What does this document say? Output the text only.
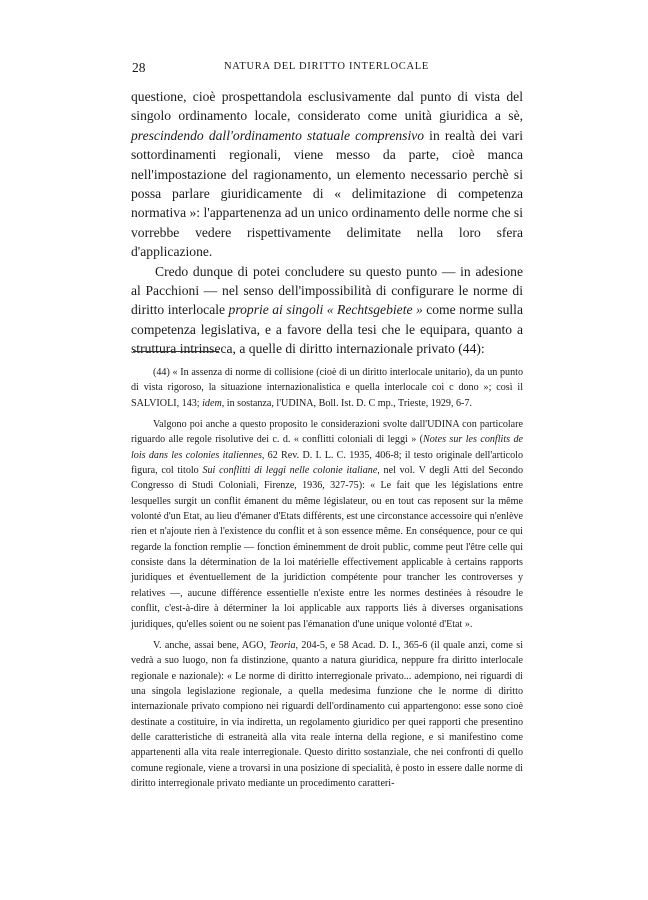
28	NATURA DEL DIRITTO INTERLOCALE

questione, cioè prospettandola esclusivamente dal punto di vista del singolo ordinamento locale, considerato come unità giuridica a sè, prescindendo dall'ordinamento statuale comprensivo in realtà dei vari sottordinamenti regionali, viene messo da parte, cioè manca nell'impostazione del ragionamento, un elemento necessario perchè si possa parlare giuridicamente di « delimitazione di competenza normativa »: l'appartenenza ad un unico ordinamento delle norme che si vorrebbe vedere rispettivamente delimitate nella loro sfera d'applicazione.

Credo dunque di potei concludere su questo punto — in adesione al Pacchioni — nel senso dell'impossibilità di configurare le norme di diritto interlocale proprie ai singoli « Rechtsgebiete » come norme sulla competenza legislativa, e a favore della tesi che le equipara, quanto a struttura intrinseca, a quelle di diritto internazionale privato (44):

(44) « In assenza di norme di collisione (cioè di un diritto interlocale unitario), da un punto di vista rigoroso, la situazione internazionalistica e quella interlocale coi c dono »; così il SALVIOLI, 143; idem, in sostanza, l'UDINA, Boll. Ist. D. C mp., Trieste, 1929, 6-7.

Valgono poi anche a questo proposito le considerazioni svolte dall'UDINA con particolare riguardo alle regole risolutive dei c. d. « conflitti coloniali di leggi » (Notes sur les conflits de lois dans les colonies italiennes, 62 Rev. D. I. L. C. 1935, 406-8; il testo originale dell'articolo figura, col titolo Sui conflitti di leggi nelle colonie italiane, nel vol. V degli Atti del Secondo Congresso di Studi Coloniali, Firenze, 1936, 327-75): « Le fait que les législations entre lesquelles surgit un conflit émanent du même législateur, ou en tout cas reposent sur la même volonté d'un Etat, au lieu d'émaner d'Etats différents, est une circonstance accessoire qui n'enlève rien et n'ajoute rien à l'existence du conflit et à son essence même. En conséquence, pour ce qui regarde la fonction remplie — fonction éminemment de droit public, comme peut l'être celle qui consiste dans la détermination de la loi matérielle effectivement applicable à certains rapports juridiques et éventuellement de la juridiction compétente pour trancher les controverses y relatives —, aucune différence essentielle n'existe entre les normes destinées à résoudre le conflit, c'est-à-dire à déterminer la loi applicable aux rapports liés à diverses organisations juridiques, qu'elles soient ou ne soient pas l'émanation d'une unique volonté d'Etat ».

V. anche, assai bene, AGO, Teoria, 204-5, e 58 Acad. D. I., 365-6 (il quale anzi, come si vedrà a suo luogo, non fa distinzione, quanto a natura giuridica, neppure fra diritto interlocale regionale e nazionale): « Le norme di diritto interregionale privato... adempiono, nei riguardi di una singola legislazione regionale, a quella medesima funzione che le norme di diritto internazionale privato compiono nei riguardi dell'ordinamento cui appartengono: esse sono cioè destinate a costituire, in via indiretta, un regolamento giuridico per quei rapporti che presentino delle caratteristiche di estraneità alla vita reale interna della regione, e si manifestino come appartenenti alla vita reale interregionale. Questo diritto sostanziale, che nei confronti di quello comune regionale, viene a trovarsi in una posizione di specialità, è posto in essere dalle norme di diritto interregionale privato mediante un procedimento caratteri-
